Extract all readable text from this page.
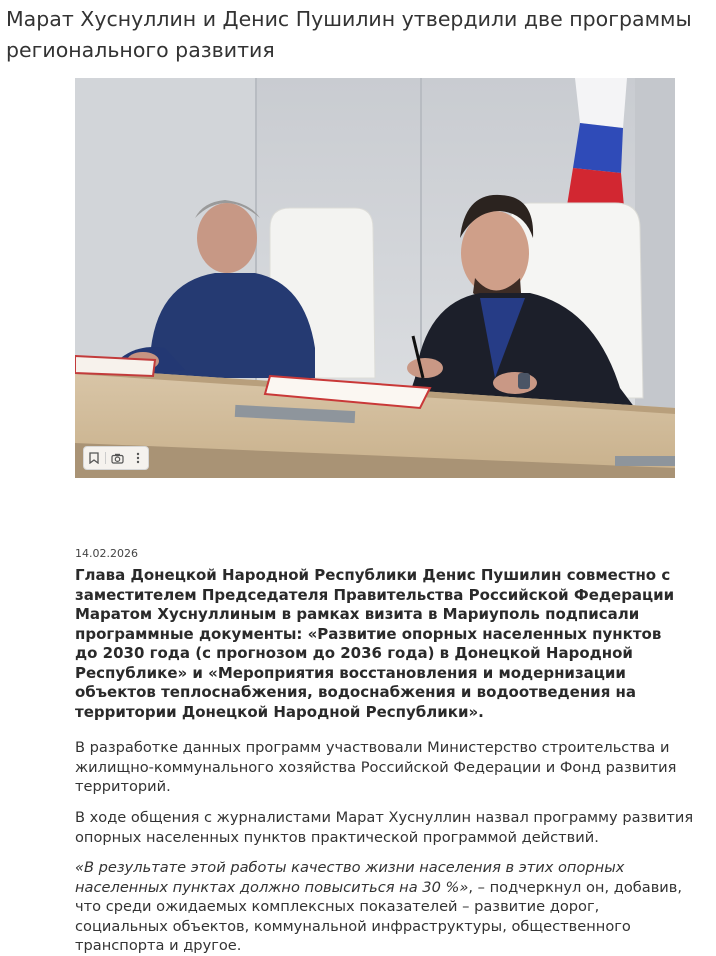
Марат Хуснуллин и Денис Пушилин утвердили две программы регионального развития
14.02.2026

Глава Донецкой Народной Республики Денис Пушилин совместно с заместителем Председателя Правительства Российской Федерации Маратом Хуснуллиным в рамках визита в Мариуполь подписали программные документы: «Развитие опорных населенных пунктов до 2030 года (с прогнозом до 2036 года) в Донецкой Народной Республике» и «Мероприятия восстановления и модернизации объектов теплоснабжения, водоснабжения и водоотведения на территории Донецкой Народной Республики».

В разработке данных программ участвовали Министерство строительства и жилищно-коммунального хозяйства Российской Федерации и Фонд развития территорий.

В ходе общения с журналистами Марат Хуснуллин назвал программу развития опорных населенных пунктов практической программой действий.

«В результате этой работы качество жизни населения в этих опорных населенных пунктах должно повыситься на 30 %», – подчеркнул он, добавив, что среди ожидаемых комплексных показателей – развитие дорог, социальных объектов, коммунальной инфраструктуры, общественного транспорта и другое.
